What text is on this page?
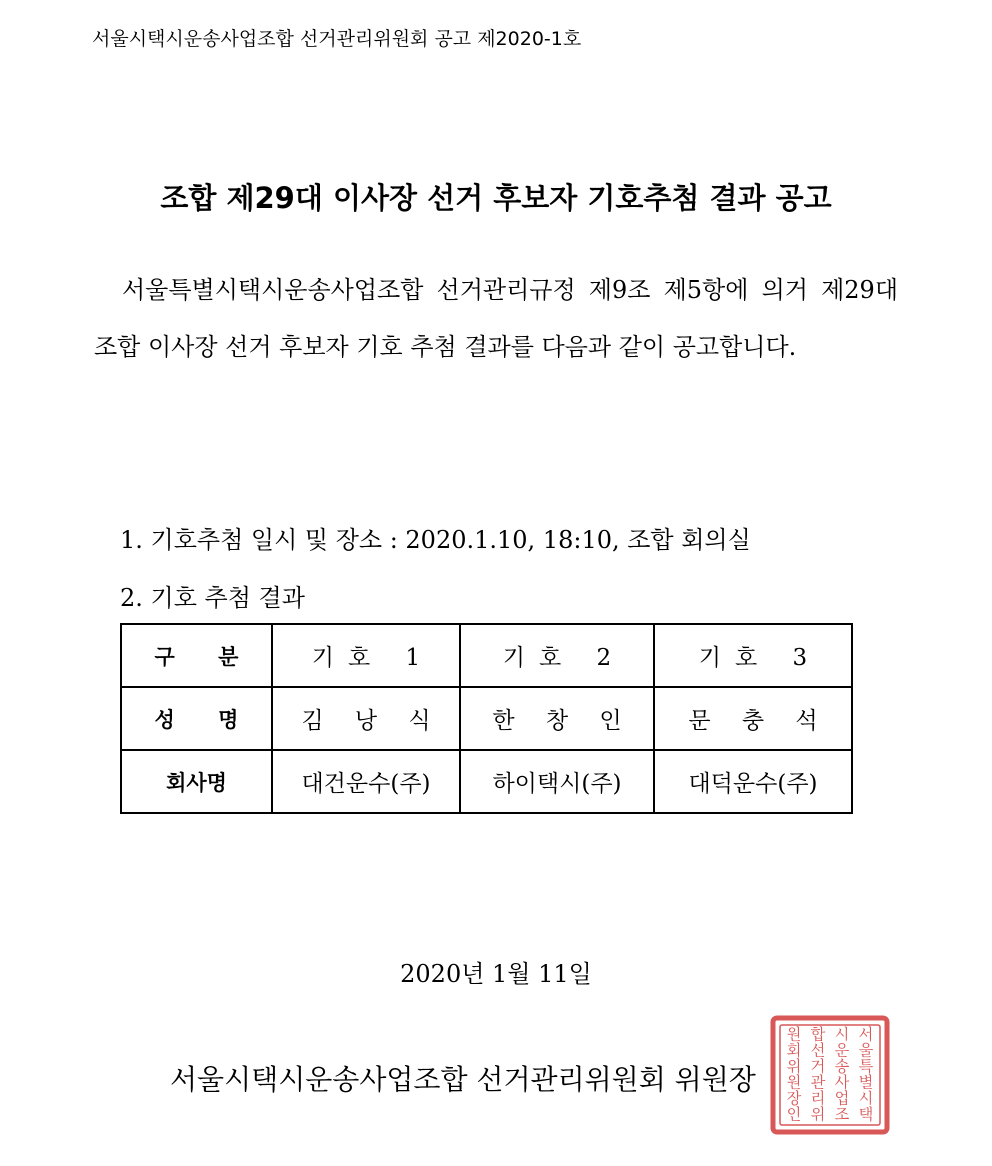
서울시택시운송사업조합 선거관리위원회 공고 제2020-1호
조합 제29대 이사장 선거 후보자 기호추첨 결과 공고
서울특별시택시운송사업조합 선거관리규정 제9조 제5항에 의거 제29대 조합 이사장 선거 후보자 기호 추첨 결과를 다음과 같이 공고합니다.
1. 기호추첨 일시 및 장소 : 2020.1.10, 18:10, 조합 회의실
2. 기호 추첨 결과
구 분	기호 1	기호 2	기호 3
성 명	김 낭 식	한 창 인	문 충 석
회사명	대건운수(주)	하이택시(주)	대덕운수(주)
2020년 1월 11일
서울시택시운송사업조합 선거관리위원회 위원장
서
울
특
별
시
택
시
운
송
사
업
조
합
선
거
관
리
위
원
회
위
원
장
인
